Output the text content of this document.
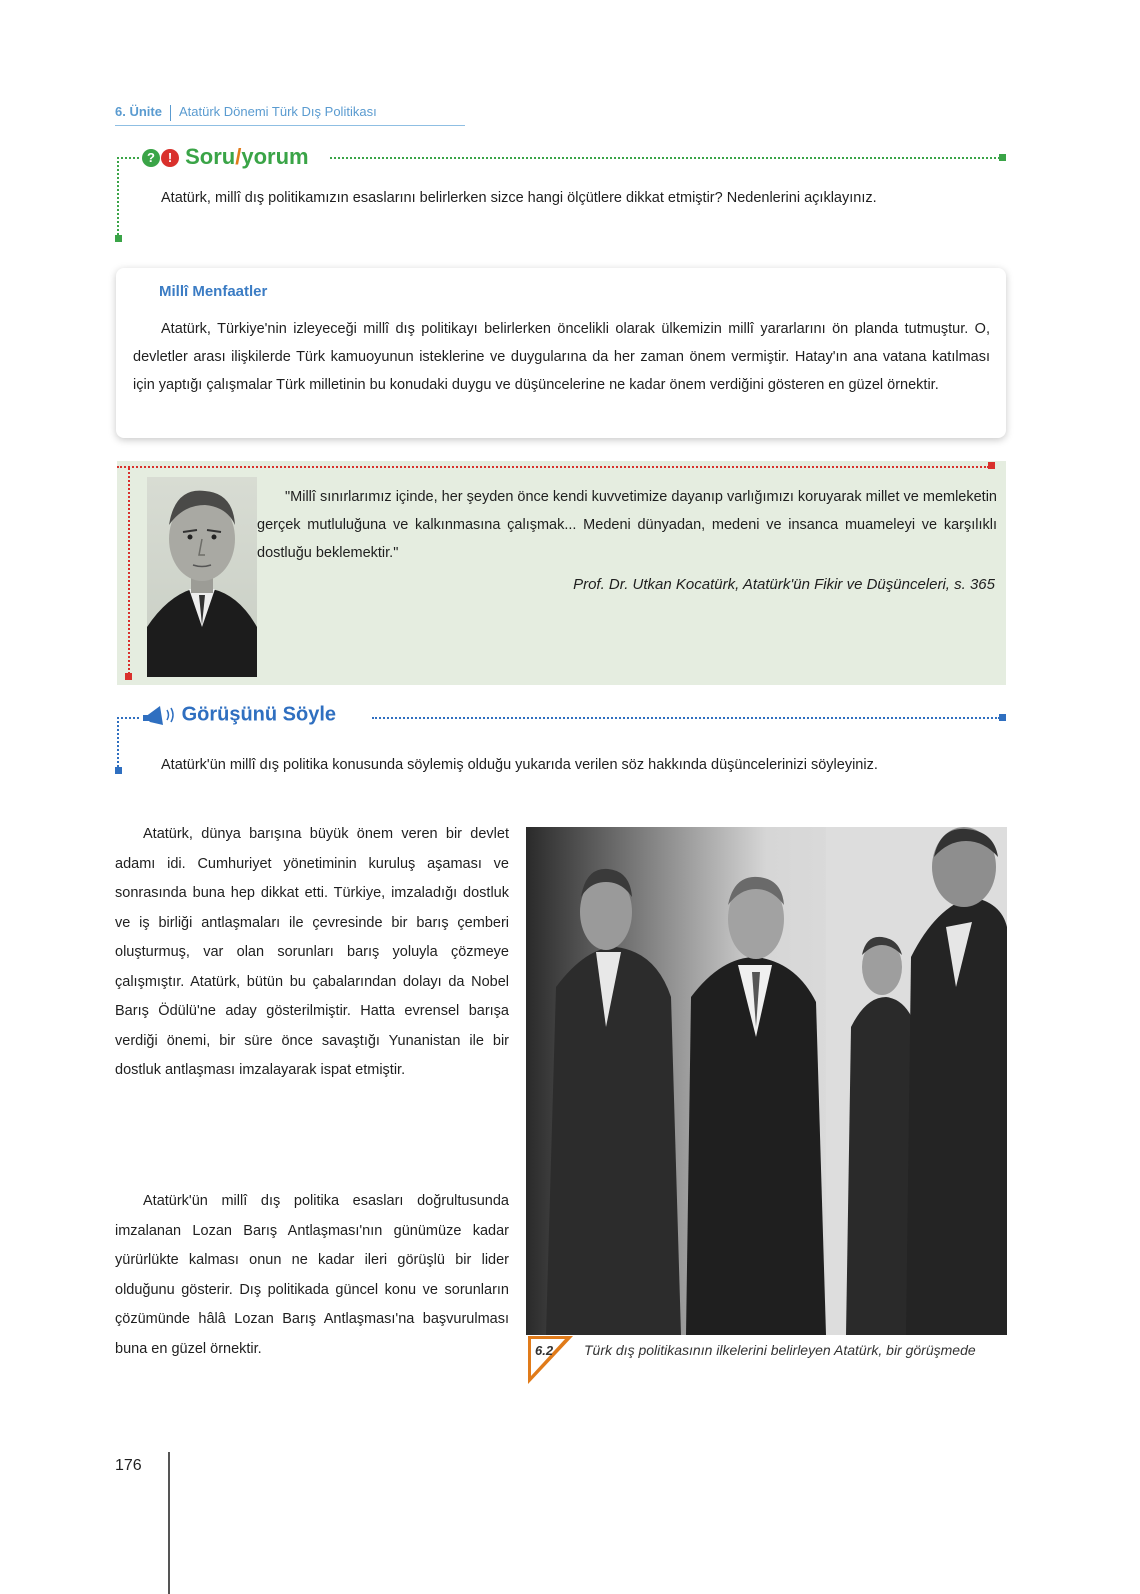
6. Ünite Atatürk Dönemi Türk Dış Politikası
? ! Soru/yorum
Atatürk, millî dış politikamızın esaslarını belirlerken sizce hangi ölçütlere dikkat etmiştir? Nedenlerini açıklayınız.
Millî Menfaatler
Atatürk, Türkiye'nin izleyeceği millî dış politikayı belirlerken öncelikli olarak ülkemizin millî yararlarını ön planda tutmuştur. O, devletler arası ilişkilerde Türk kamuoyunun isteklerine ve duygularına da her zaman önem vermiştir. Hatay'ın ana vatana katılması için yaptığı çalışmalar Türk milletinin bu konudaki duygu ve düşüncelerine ne kadar önem verdiğini gösteren en güzel örnektir.
"Millî sınırlarımız içinde, her şeyden önce kendi kuvvetimize dayanıp varlığımızı koruyarak millet ve memleketin gerçek mutluluğuna ve kalkınmasına çalışmak... Medeni dünyadan, medeni ve insanca muameleyi ve karşılıklı dostluğu beklemektir."
Prof. Dr. Utkan Kocatürk, Atatürk'ün Fikir ve Düşünceleri, s. 365
Görüşünü Söyle
Atatürk'ün millî dış politika konusunda söylemiş olduğu yukarıda verilen söz hakkında düşüncelerinizi söyleyiniz.
Atatürk, dünya barışına büyük önem veren bir devlet adamı idi. Cumhuriyet yönetiminin kuruluş aşaması ve sonrasında buna hep dikkat etti. Türkiye, imzaladığı dostluk ve iş birliği antlaşmaları ile çevresinde bir barış çemberi oluşturmuş, var olan sorunları barış yoluyla çözmeye çalışmıştır. Atatürk, bütün bu çabalarından dolayı da Nobel Barış Ödülü'ne aday gösterilmiştir. Hatta evrensel barışa verdiği önemi, bir süre önce savaştığı Yunanistan ile bir dostluk antlaşması imzalayarak ispat etmiştir.
Atatürk'ün millî dış politika esasları doğrultusunda imzalanan Lozan Barış Antlaşması'nın günümüze kadar yürürlükte kalması onun ne kadar ileri görüşlü bir lider olduğunu gösterir. Dış politikada güncel konu ve sorunların çözümünde hâlâ Lozan Barış Antlaşması'na başvurulması buna en güzel örnektir.	6.2 Türk dış politikasının ilkelerini belirleyen Atatürk, bir görüşmede
176
